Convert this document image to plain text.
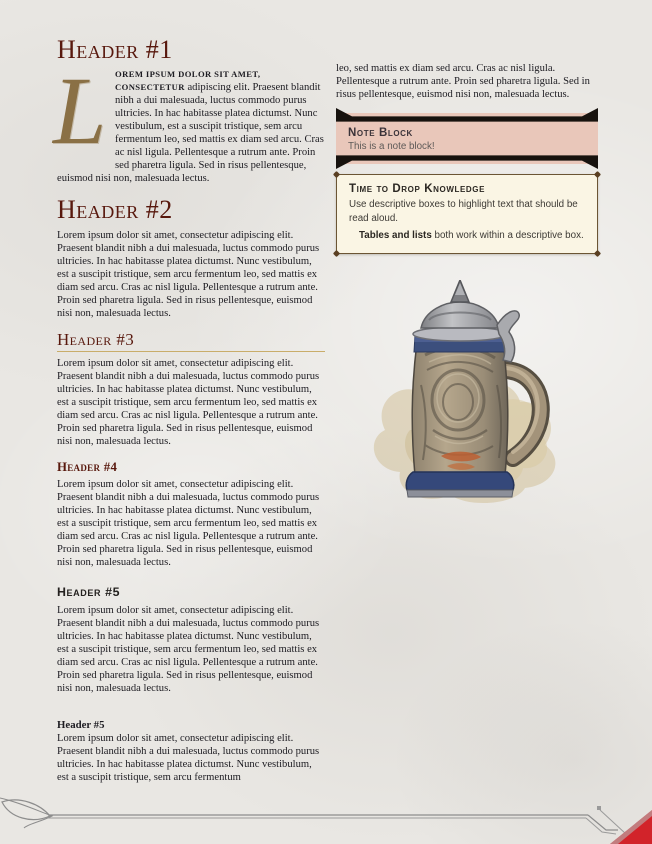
Header #1

L	OREM IPSUM DOLOR SIT AMET, CONSECTETUR adipiscing elit. Praesent blandit nibh a dui malesuada, luctus commodo purus ultricies. In hac habitasse platea dictumst. Nunc vestibulum, est a suscipit tristique, sem arcu fermentum leo, sed mattis ex diam sed arcu. Cras ac nisl ligula. Pellentesque a rutrum ante. Proin sed pharetra ligula. Sed in risus pellentesque, euismod nisi non, malesuada lectus.

Header #2

Lorem ipsum dolor sit amet, consectetur adipiscing elit. Praesent blandit nibh a dui malesuada, luctus commodo purus ultricies. In hac habitasse platea dictumst. Nunc vestibulum, est a suscipit tristique, sem arcu fermentum leo, sed mattis ex diam sed arcu. Cras ac nisl ligula. Pellentesque a rutrum ante. Proin sed pharetra ligula. Sed in risus pellentesque, euismod nisi non, malesuada lectus.

Header #3

Lorem ipsum dolor sit amet, consectetur adipiscing elit. Praesent blandit nibh a dui malesuada, luctus commodo purus ultricies. In hac habitasse platea dictumst. Nunc vestibulum, est a suscipit tristique, sem arcu fermentum leo, sed mattis ex diam sed arcu. Cras ac nisl ligula. Pellentesque a rutrum ante. Proin sed pharetra ligula. Sed in risus pellentesque, euismod nisi non, malesuada lectus.

Header #4

Lorem ipsum dolor sit amet, consectetur adipiscing elit. Praesent blandit nibh a dui malesuada, luctus commodo purus ultricies. In hac habitasse platea dictumst. Nunc vestibulum, est a suscipit tristique, sem arcu fermentum leo, sed mattis ex diam sed arcu. Cras ac nisl ligula. Pellentesque a rutrum ante. Proin sed pharetra ligula. Sed in risus pellentesque, euismod nisi non, malesuada lectus.

Header #5

Lorem ipsum dolor sit amet, consectetur adipiscing elit. Praesent blandit nibh a dui malesuada, luctus commodo purus ultricies. In hac habitasse platea dictumst. Nunc vestibulum, est a suscipit tristique, sem arcu fermentum leo, sed mattis ex diam sed arcu. Cras ac nisl ligula. Pellentesque a rutrum ante. Proin sed pharetra ligula. Sed in risus pellentesque, euismod nisi non, malesuada lectus.

Header #5

Lorem ipsum dolor sit amet, consectetur adipiscing elit. Praesent blandit nibh a dui malesuada, luctus commodo purus ultricies. In hac habitasse platea dictumst. Nunc vestibulum, est a suscipit tristique, sem arcu fermentum

leo, sed mattis ex diam sed arcu. Cras ac nisl ligula. Pellentesque a rutrum ante. Proin sed pharetra ligula. Sed in risus pellentesque, euismod nisi non, malesuada lectus.

Note Block
This is a note block!
Time to Drop Knowledge
Use descriptive boxes to highlight text that should be read aloud.
Tables and lists both work within a descriptive box.
